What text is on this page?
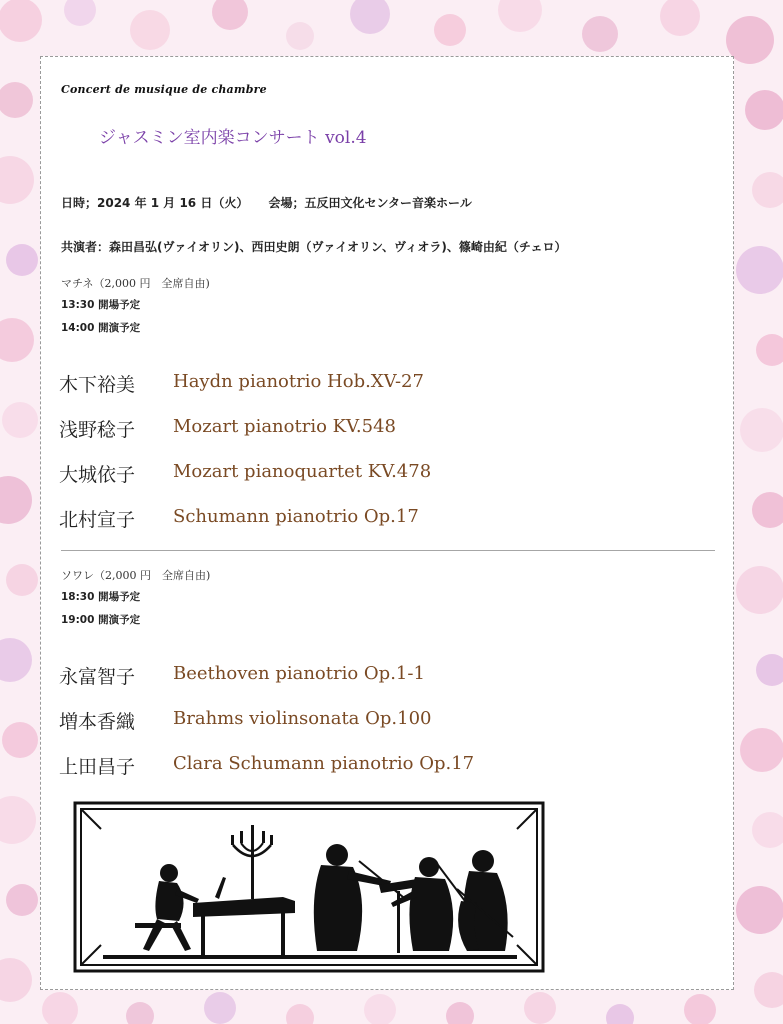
Concert de musique de chambre
ジャスミン室内楽コンサート vol.4
日時；2024 年 1 月 16 日（火） 会場；五反田文化センター音楽ホール
共演者：森田昌弘(ヴァイオリン)、西田史朗（ヴァイオリン、ヴィオラ)、篠崎由紀（チェロ）
マチネ（2,000 円　全席自由)
13:30 開場予定
14:00 開演予定
木下裕美 Haydn pianotrio Hob.XV-27
浅野稔子 Mozart pianotrio KV.548
大城依子 Mozart pianoquartet KV.478
北村宣子 Schumann pianotrio Op.17
ソワレ（2,000 円　全席自由)
18:30 開場予定
19:00 開演予定
永富智子 Beethoven pianotrio Op.1-1
増本香織 Brahms violinsonata Op.100
上田昌子 Clara Schumann pianotrio Op.17
